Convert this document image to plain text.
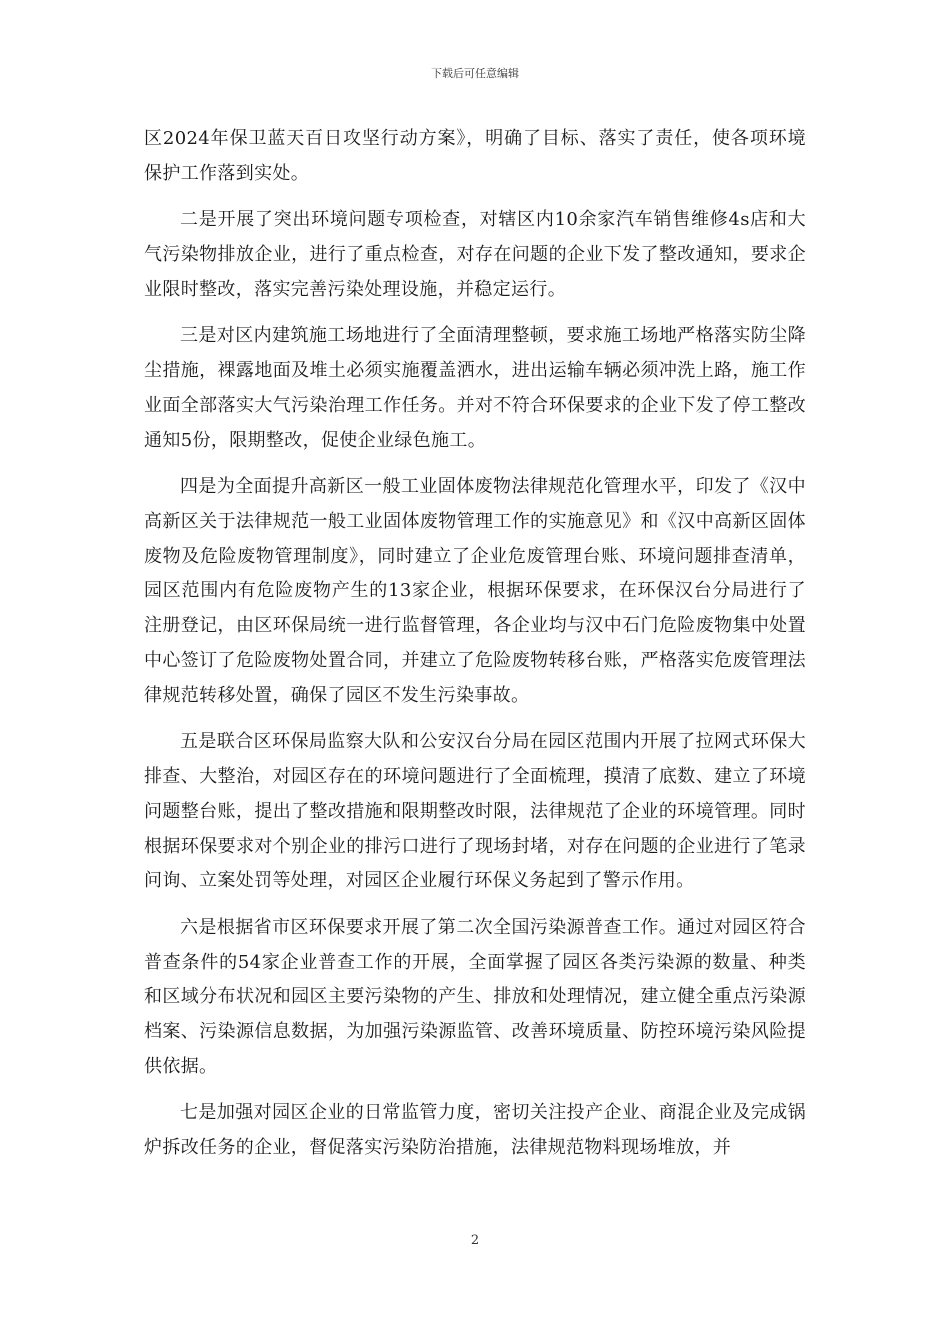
下载后可任意编辑

区2024年保卫蓝天百日攻坚行动方案》，明确了目标、落实了责任，使各项环境保护工作落到实处。

二是开展了突出环境问题专项检查，对辖区内10余家汽车销售维修4s店和大气污染物排放企业，进行了重点检查，对存在问题的企业下发了整改通知，要求企业限时整改，落实完善污染处理设施，并稳定运行。

三是对区内建筑施工场地进行了全面清理整顿，要求施工场地严格落实防尘降尘措施，裸露地面及堆土必须实施覆盖洒水，进出运输车辆必须冲洗上路，施工作业面全部落实大气污染治理工作任务。并对不符合环保要求的企业下发了停工整改通知5份，限期整改，促使企业绿色施工。

四是为全面提升高新区一般工业固体废物法律规范化管理水平，印发了《汉中高新区关于法律规范一般工业固体废物管理工作的实施意见》和《汉中高新区固体废物及危险废物管理制度》，同时建立了企业危废管理台账、环境问题排查清单，园区范围内有危险废物产生的13家企业，根据环保要求，在环保汉台分局进行了注册登记，由区环保局统一进行监督管理，各企业均与汉中石门危险废物集中处置中心签订了危险废物处置合同，并建立了危险废物转移台账，严格落实危废管理法律规范转移处置，确保了园区不发生污染事故。

五是联合区环保局监察大队和公安汉台分局在园区范围内开展了拉网式环保大排查、大整治，对园区存在的环境问题进行了全面梳理，摸清了底数、建立了环境问题整台账，提出了整改措施和限期整改时限，法律规范了企业的环境管理。同时根据环保要求对个别企业的排污口进行了现场封堵，对存在问题的企业进行了笔录问询、立案处罚等处理，对园区企业履行环保义务起到了警示作用。

六是根据省市区环保要求开展了第二次全国污染源普查工作。通过对园区符合普查条件的54家企业普查工作的开展，全面掌握了园区各类污染源的数量、种类和区域分布状况和园区主要污染物的产生、排放和处理情况，建立健全重点污染源档案、污染源信息数据，为加强污染源监管、改善环境质量、防控环境污染风险提供依据。

七是加强对园区企业的日常监管力度，密切关注投产企业、商混企业及完成锅炉拆改任务的企业，督促落实污染防治措施，法律规范物料现场堆放，并

2
